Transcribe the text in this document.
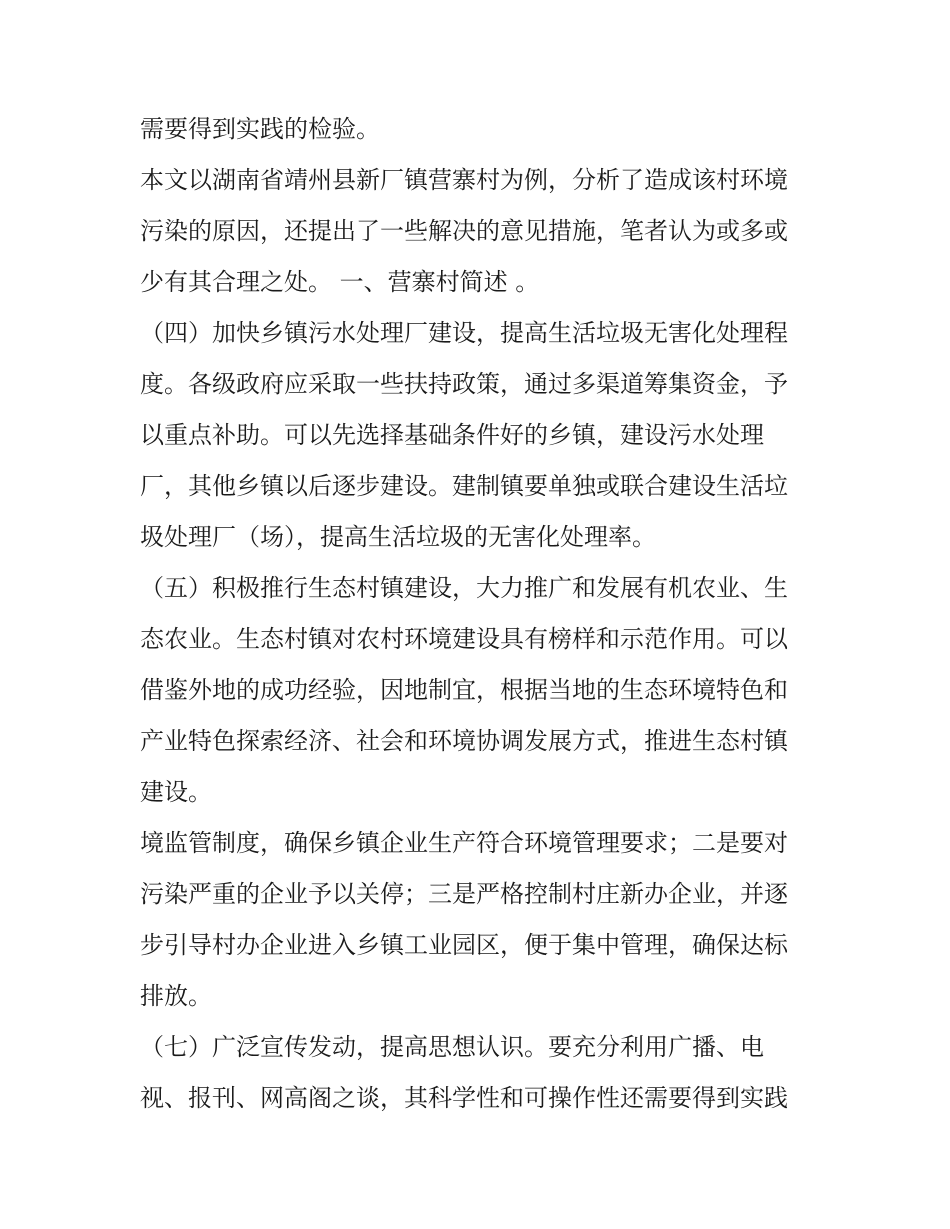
需要得到实践的检验。
本文以湖南省靖州县新厂镇营寨村为例，分析了造成该村环境
污染的原因，还提出了一些解决的意见措施，笔者认为或多或
少有其合理之处。 一、营寨村简述 。
（四）加快乡镇污水处理厂建设，提高生活垃圾无害化处理程
度。各级政府应采取一些扶持政策，通过多渠道筹集资金，予
以重点补助。可以先选择基础条件好的乡镇，建设污水处理
厂，其他乡镇以后逐步建设。建制镇要单独或联合建设生活垃
圾处理厂（场），提高生活垃圾的无害化处理率。
（五）积极推行生态村镇建设，大力推广和发展有机农业、生
态农业。生态村镇对农村环境建设具有榜样和示范作用。可以
借鉴外地的成功经验，因地制宜，根据当地的生态环境特色和
产业特色探索经济、社会和环境协调发展方式，推进生态村镇
建设。
境监管制度，确保乡镇企业生产符合环境管理要求；二是要对
污染严重的企业予以关停；三是严格控制村庄新办企业，并逐
步引导村办企业进入乡镇工业园区，便于集中管理，确保达标
排放。
（七）广泛宣传发动，提高思想认识。要充分利用广播、电
视、报刊、网高阁之谈，其科学性和可操作性还需要得到实践
